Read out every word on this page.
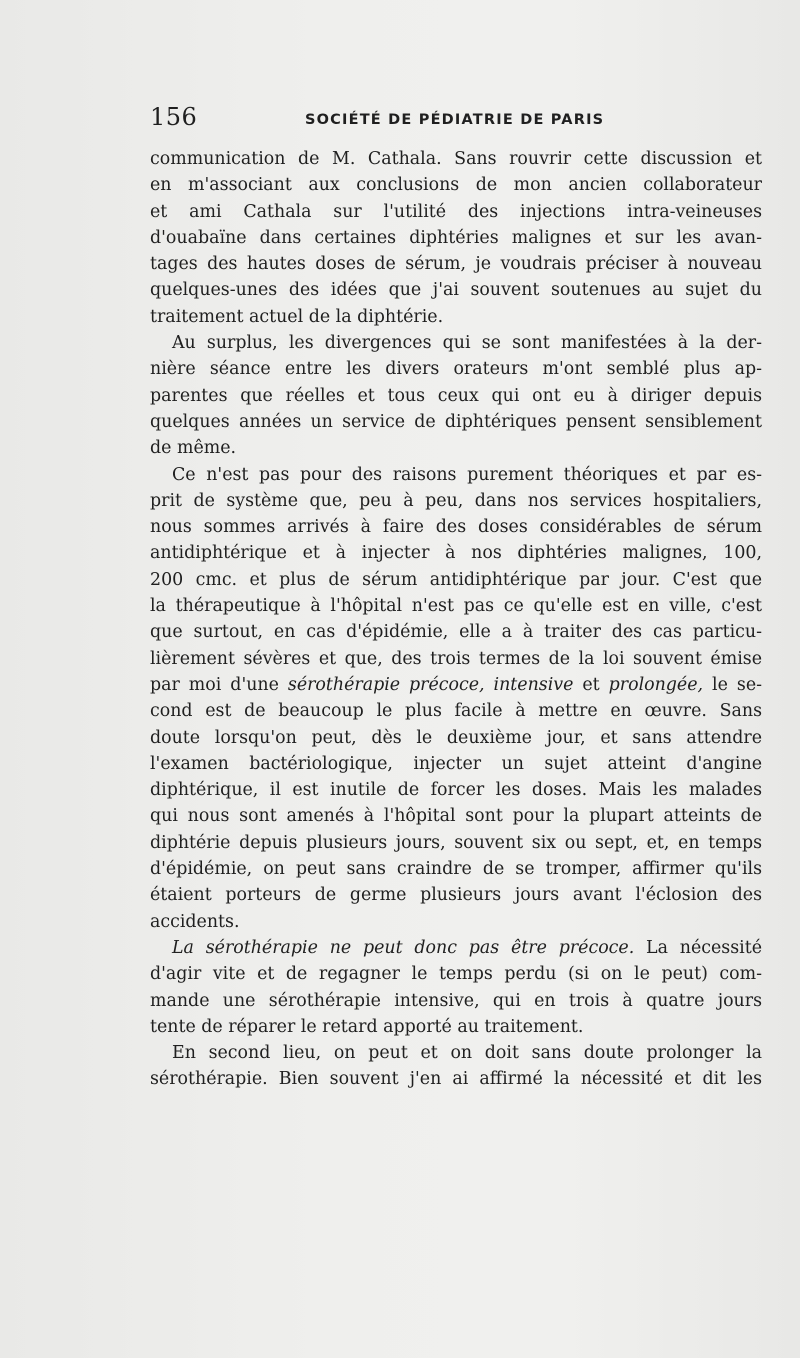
156	SOCIÉTÉ DE PÉDIATRIE DE PARIS
communication de M. Cathala. Sans rouvrir cette discussion et
en m'associant aux conclusions de mon ancien collaborateur
et ami Cathala sur l'utilité des injections intra-veineuses
d'ouabaïne dans certaines diphtéries malignes et sur les avan-
tages des hautes doses de sérum, je voudrais préciser à nouveau
quelques-unes des idées que j'ai souvent soutenues au sujet du
traitement actuel de la diphtérie.
Au surplus, les divergences qui se sont manifestées à la der-
nière séance entre les divers orateurs m'ont semblé plus ap-
parentes que réelles et tous ceux qui ont eu à diriger depuis
quelques années un service de diphtériques pensent sensiblement
de même.
Ce n'est pas pour des raisons purement théoriques et par es-
prit de système que, peu à peu, dans nos services hospitaliers,
nous sommes arrivés à faire des doses considérables de sérum
antidiphtérique et à injecter à nos diphtéries malignes, 100,
200 cmc. et plus de sérum antidiphtérique par jour. C'est que
la thérapeutique à l'hôpital n'est pas ce qu'elle est en ville, c'est
que surtout, en cas d'épidémie, elle a à traiter des cas particu-
lièrement sévères et que, des trois termes de la loi souvent émise
par moi d'une sérothérapie précoce, intensive et prolongée, le se-
cond est de beaucoup le plus facile à mettre en œuvre. Sans
doute lorsqu'on peut, dès le deuxième jour, et sans attendre
l'examen bactériologique, injecter un sujet atteint d'angine
diphtérique, il est inutile de forcer les doses. Mais les malades
qui nous sont amenés à l'hôpital sont pour la plupart atteints de
diphtérie depuis plusieurs jours, souvent six ou sept, et, en temps
d'épidémie, on peut sans craindre de se tromper, affirmer qu'ils
étaient porteurs de germe plusieurs jours avant l'éclosion des
accidents.
La sérothérapie ne peut donc pas être précoce. La nécessité
d'agir vite et de regagner le temps perdu (si on le peut) com-
mande une sérothérapie intensive, qui en trois à quatre jours
tente de réparer le retard apporté au traitement.
En second lieu, on peut et on doit sans doute prolonger la
sérothérapie. Bien souvent j'en ai affirmé la nécessité et dit les
